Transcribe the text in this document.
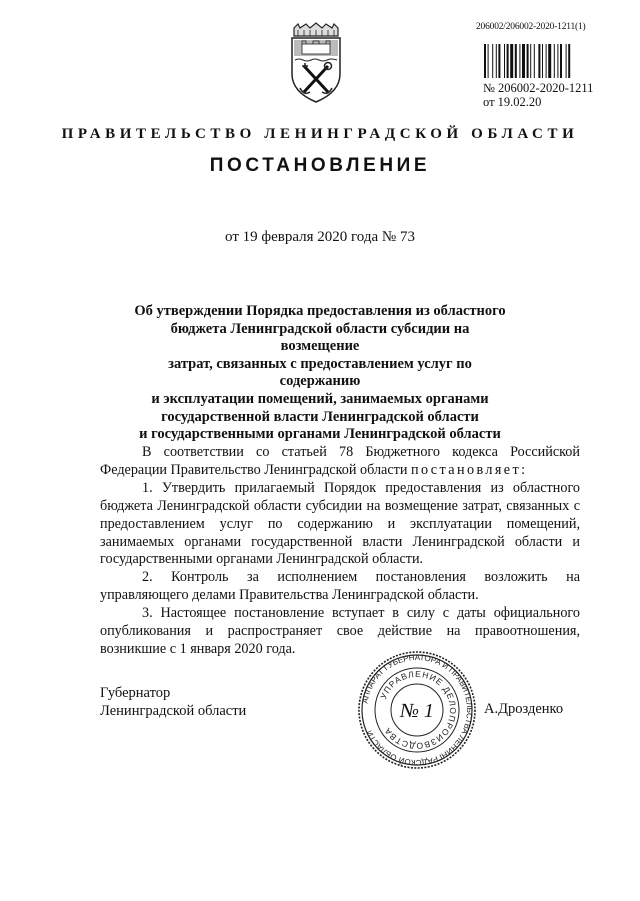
206002/206002-2020-1211(1)
№ 206002-2020-1211
от 19.02.20
ПРАВИТЕЛЬСТВО ЛЕНИНГРАДСКОЙ ОБЛАСТИ
ПОСТАНОВЛЕНИЕ
от 19 февраля 2020 года № 73
Об утверждении Порядка предоставления из областного
бюджета Ленинградской области субсидии на возмещение
затрат, связанных с предоставлением услуг по содержанию
и эксплуатации помещений, занимаемых органами
государственной власти Ленинградской области
и государственными органами Ленинградской области

В соответствии со статьей 78 Бюджетного кодекса Российской Федерации Правительство Ленинградской области постановляет:

1. Утвердить прилагаемый Порядок предоставления из областного бюджета Ленинградской области субсидии на возмещение затрат, связанных с предоставлением услуг по содержанию и эксплуатации помещений, занимаемых органами государственной власти Ленинградской области и государственными органами Ленинградской области.

2. Контроль за исполнением постановления возложить на управляющего делами Правительства Ленинградской области.

3. Настоящее постановление вступает в силу с даты официального опубликования и распространяет свое действие на правоотношения, возникшие с 1 января 2020 года.

Губернатор
Ленинградской области
АППАРАТ ГУБЕРНАТОРА И ПРАВИТЕЛЬСТВА ЛЕНИНГРАДСКОЙ ОБЛАСТИ
УПРАВЛЕНИЕ ДЕЛОПРОИЗВОДСТВА
№ 1	А.Дрозденко
